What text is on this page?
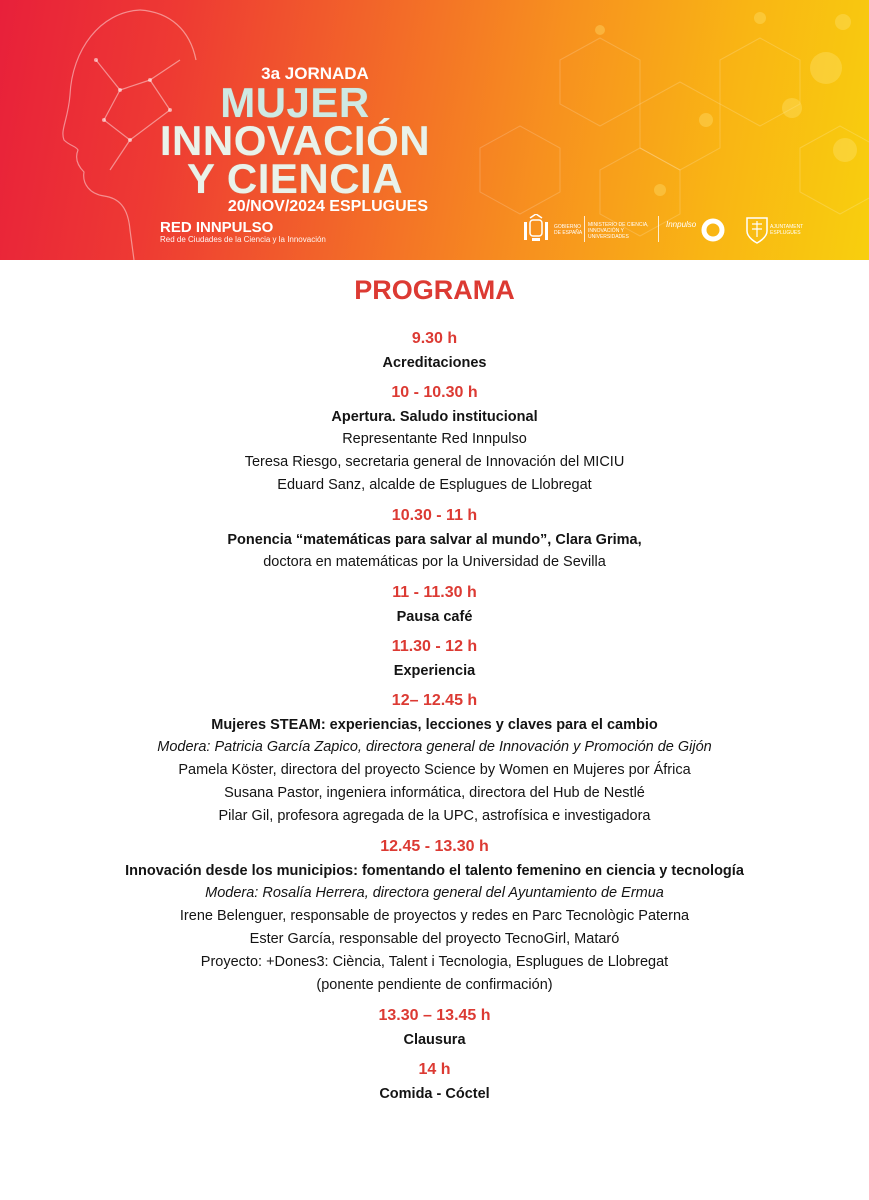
3a JORNADA
MUJER
INNOVACIÓN
Y CIENCIA
20/NOV/2024 ESPLUGUES
RED INNPULSO
Red de Ciudades de la Ciencia y la Innovación
GOBIERNO DE ESPAÑA
MINISTERIO DE CIENCIA, INNOVACIÓN Y UNIVERSIDADES
Innpulso	AJUNTAMENT ESPLUGUES
PROGRAMA
9.30 h
Acreditaciones
10 - 10.30 h
Apertura. Saludo institucional
Representante Red Innpulso
Teresa Riesgo, secretaria general de Innovación del MICIU
Eduard Sanz, alcalde de Esplugues de Llobregat
10.30 - 11 h
Ponencia “matemáticas para salvar al mundo”, Clara Grima,
doctora en matemáticas por la Universidad de Sevilla
11 - 11.30 h
Pausa café
11.30 - 12 h
Experiencia
12– 12.45 h
Mujeres STEAM: experiencias, lecciones y claves para el cambio
Modera: Patricia García Zapico, directora general de Innovación y Promoción de Gijón
Pamela Köster, directora del proyecto Science by Women en Mujeres por África
Susana Pastor, ingeniera informática, directora del Hub de Nestlé
Pilar Gil, profesora agregada de la UPC, astrofísica e investigadora
12.45 - 13.30 h
Innovación desde los municipios: fomentando el talento femenino en ciencia y tecnología
Modera: Rosalía Herrera, directora general del Ayuntamiento de Ermua
Irene Belenguer, responsable de proyectos y redes en Parc Tecnològic Paterna
Ester García, responsable del proyecto TecnoGirl, Mataró
Proyecto: +Dones3: Ciència, Talent i Tecnologia, Esplugues de Llobregat
(ponente pendiente de confirmación)
13.30 – 13.45 h
Clausura
14 h
Comida - Cóctel
